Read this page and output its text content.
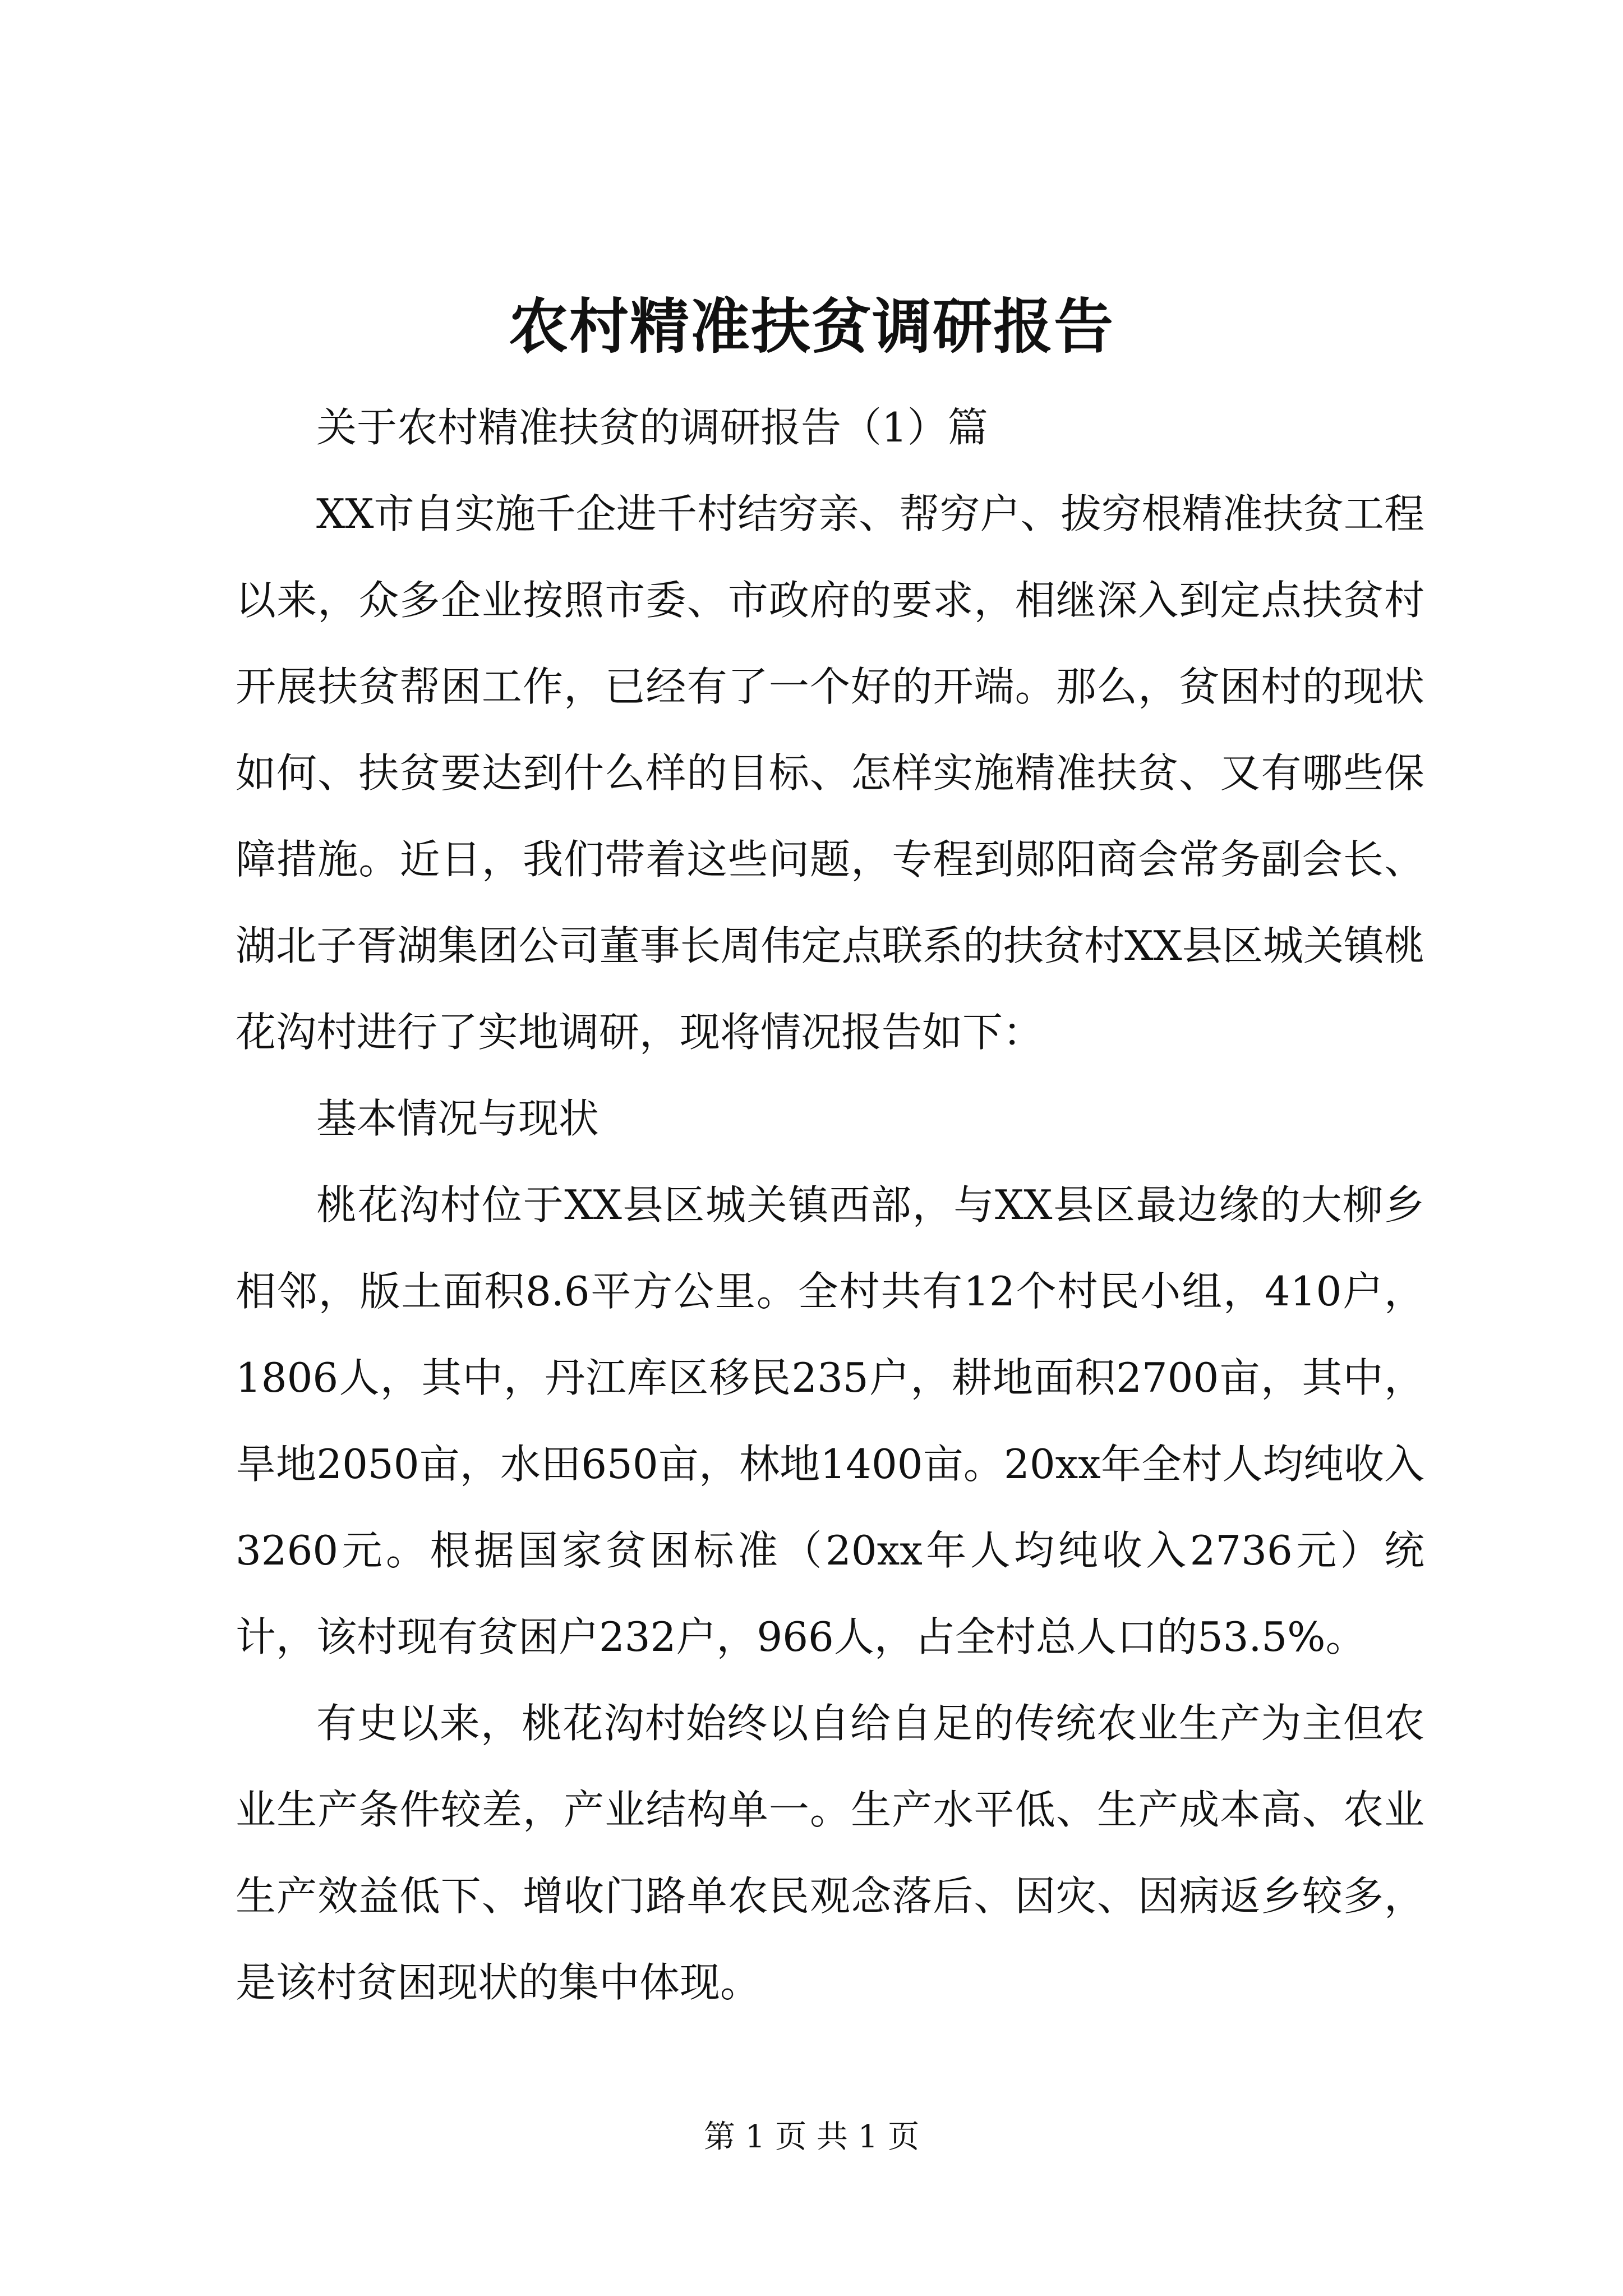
农村精准扶贫调研报告

关于农村精准扶贫的调研报告（1）篇

XX市自实施千企进千村结穷亲、帮穷户、拔穷根精准扶贫工程以来，众多企业按照市委、市政府的要求，相继深入到定点扶贫村开展扶贫帮困工作，已经有了一个好的开端。那么，贫困村的现状如何、扶贫要达到什么样的目标、怎样实施精准扶贫、又有哪些保障措施。近日，我们带着这些问题，专程到郧阳商会常务副会长、湖北子胥湖集团公司董事长周伟定点联系的扶贫村XX县区城关镇桃花沟村进行了实地调研，现将情况报告如下：

基本情况与现状

桃花沟村位于XX县区城关镇西部，与XX县区最边缘的大柳乡相邻，版土面积8.6平方公里。全村共有12个村民小组，410户，1806人，其中，丹江库区移民235户，耕地面积2700亩，其中，旱地2050亩，水田650亩，林地1400亩。20xx年全村人均纯收入3260元。根据国家贫困标准（20xx年人均纯收入2736元）统计，该村现有贫困户232户，966人，占全村总人口的53.5%。

有史以来，桃花沟村始终以自给自足的传统农业生产为主但农业生产条件较差，产业结构单一。生产水平低、生产成本高、农业生产效益低下、增收门路单农民观念落后、因灾、因病返乡较多，是该村贫困现状的集中体现。

第 1 页 共 1 页
